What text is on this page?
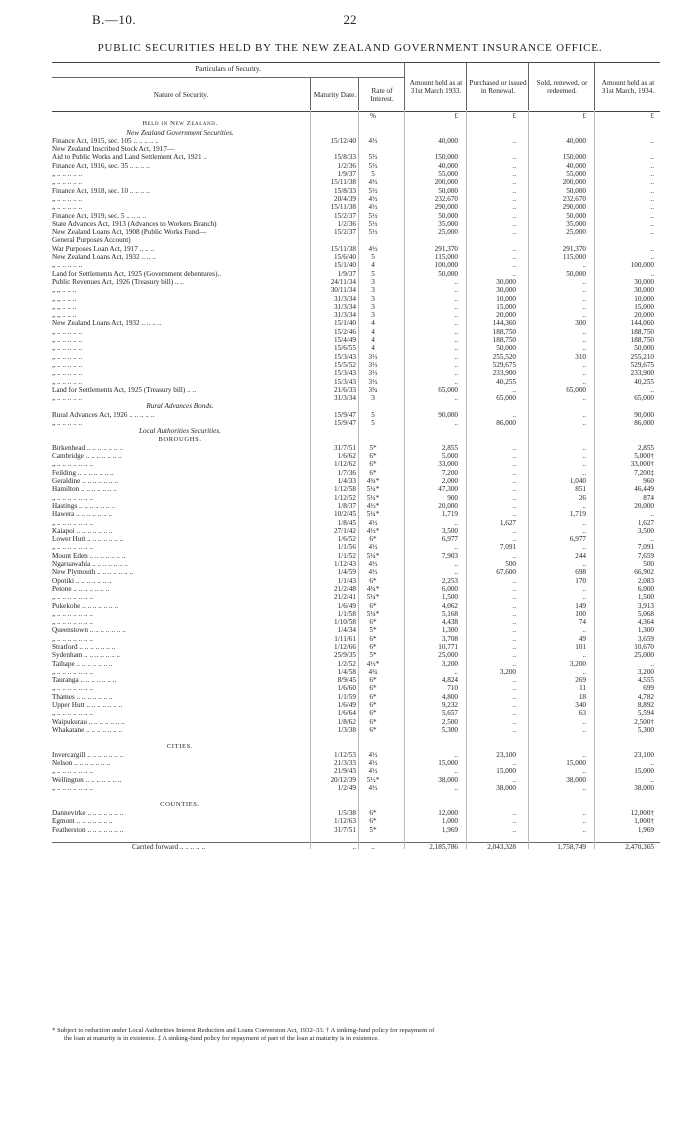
B.—10.	22
PUBLIC SECURITIES HELD BY THE NEW ZEALAND GOVERNMENT INSURANCE OFFICE.
Particulars of Security.
Nature of Security.	Maturity Date.	Rate of Interest.
Amount held as at 31st March 1933.
Purchased or issued in Renewal.
Sold, renewed, or redeemed.
Amount held as at 31st March, 1934.
%	£	£	£	£
Held in New Zealand.
New Zealand Government Securities.
Finance Act, 1915, sec. 105 .. .. .. .. ..	15/12/40	4½	40,000	..	40,000	..
New Zealand Inscribed Stock Act, 1917—
Aid to Public Works and Land Settlement Act, 1921 ..	15/8/33	5½	150,000	..	150,000	..
Finance Act, 1916, sec. 35 .. .. .. ..	1/2/36	5½	40,000	..	40,000	..
„ .. .. .. .. ..	1/9/37	5	55,000	..	55,000	..
„ .. .. .. .. ..	15/11/38	4½	200,000	..	200,000	..
Finance Act, 1918, sec. 10 .. .. .. ..	15/8/33	5½	50,000	..	50,000	..
„ .. .. .. .. ..	20/4/39	4½	232,670	..	232,670	..
„ .. .. .. .. ..	15/11/38	4½	290,000	..	290,000	..
Finance Act, 1919, sec. 5 .. .. .. ..	15/2/37	5½	50,000	..	50,000	..
State Advances Act, 1913 (Advances to Workers Branch)	1/2/36	5½	35,000	..	35,000	..
New Zealand Loans Act, 1908 (Public Works Fund—	15/2/37	5½	25,000	..	25,000	..
General Purposes Account)
War Purposes Loan Act, 1917 .. .. ..	15/11/38	4½	291,370	..	291,370	..
New Zealand Loans Act, 1932 .. .. ..	15/6/40	5	115,000	..	115,000	..
„ .. .. .. .. ..	15/1/40	4	100,000	..	..	100,000
Land for Settlements Act, 1925 (Government debentures)..	1/9/37	5	50,000	..	50,000	..
Public Revenues Act, 1926 (Treasury bill) .. ..	24/11/34	3	..	30,000	..	30,000
„ „ .. .. ..	30/11/34	3	..	30,000	..	30,000
„ „ .. .. ..	31/3/34	3	..	10,000	..	10,000
„ „ .. .. ..	31/3/34	3	..	15,000	..	15,000
„ „ .. .. ..	31/3/34	3	..	20,000	..	20,000
New Zealand Loans Act, 1932 .. .. .. ..	15/1/40	4	..	144,360	300	144,060
„ .. .. .. .. ..	15/2/46	4	..	188,750	..	188,750
„ .. .. .. .. ..	15/4/49	4	..	188,750	..	188,750
„ .. .. .. .. ..	15/6/55	4	..	50,000	..	50,000
„ .. .. .. .. ..	15/3/43	3½	..	255,520	310	255,210
„ .. .. .. .. ..	15/5/52	3½	..	529,675	..	529,675
„ .. .. .. .. ..	15/3/43	3½	..	233,900	..	233,900
„ .. .. .. .. ..	15/3/43	3½	..	40,255	..	40,255
Land for Settlements Act, 1925 (Treasury bill) .. ..	21/6/33	3¾	65,000	..	65,000	..
„ .. .. .. .. ..	31/3/34	3	..	65,000	..	65,000
Rural Advances Bonds.
Rural Advances Act, 1926 .. .. .. .. ..	15/9/47	5	90,000	..	..	90,000
„ .. .. .. .. ..	15/9/47	5	..	86,000	..	86,000
Local Authorities Securities.
BOROUGHS.
Birkenhead .. .. .. .. .. .. ..	31/7/51	5*	2,855	..	..	2,855
Cambridge .. .. .. .. .. .. ..	1/6/62	6*	5,000	..	..	5,000†
„ .. .. .. .. .. .. ..	1/12/62	6*	33,000	..	..	33,000†
Feilding .. .. .. .. .. .. ..	1/7/36	6*	7,200	..	..	7,200‡
Geraldine .. .. .. .. .. .. ..	1/4/33	4¾*	2,000	..	1,040	960
Hamilton .. .. .. .. .. .. ..	1/12/58	5¼*	47,300	..	851	46,449
„ .. .. .. .. .. .. ..	1/12/52	5¼*	900	..	26	874
Hastings .. .. .. .. .. .. ..	1/8/37	4½*	20,000	..	..	20,000
Hawera .. .. .. .. .. .. ..	10/2/45	5¼*	1,719	..	1,719	..
„ .. .. .. .. .. .. ..	1/8/45	4½	..	1,627	..	1,627
Kaiapoi .. .. .. .. .. .. ..	27/1/42	4½*	3,500	..	..	3,500
Lower Hutt .. .. .. .. .. .. ..	1/6/52	6*	6,977	..	6,977	..
„ .. .. .. .. .. .. ..	1/1/56	4½	..	7,091	..	7,091
Mount Eden .. .. .. .. .. .. ..	1/1/52	5¼*	7,903	..	244	7,659
Ngaruawahia .. .. .. .. .. .. ..	1/12/43	4½	..	500	..	500
New Plymouth .. .. .. .. .. .. ..	1/4/59	4½	..	67,600	698	66,902
Opotiki .. .. .. .. .. .. ..	1/1/43	6*	2,253	..	170	2,083
Petone .. .. .. .. .. .. ..	21/2/48	4¼*	6,000	..	..	6,000
„ .. .. .. .. .. .. ..	21/2/41	5¼*	1,500	..	..	1,500
Pukekohe .. .. .. .. .. .. ..	1/6/49	6*	4,062	..	149	3,913
„ .. .. .. .. .. .. ..	1/1/58	5¼*	5,168	..	100	5,068
„ .. .. .. .. .. .. ..	1/10/58	6*	4,438	..	74	4,364
Queenstown .. .. .. .. .. .. ..	1/4/34	5*	1,300	..	..	1,300
„ .. .. .. .. .. .. ..	1/11/61	6*	3,708	..	49	3,659
Stratford .. .. .. .. .. .. ..	1/12/66	6*	10,771	..	101	10,670
Sydenham .. .. .. .. .. .. ..	25/9/35	5*	25,000	..	..	25,000
Taihape .. .. .. .. .. .. ..	1/2/52	4½*	3,200	..	3,200	..
„ .. .. .. .. .. .. ..	1/4/58	4¾	..	3,200	..	3,200
Tauranga .. .. .. .. .. .. ..	8/9/45	6*	4,824	..	269	4,555
„ .. .. .. .. .. .. ..	1/6/60	6*	710	..	11	699
Thames .. .. .. .. .. .. ..	1/1/59	6*	4,800	..	18	4,782
Upper Hutt .. .. .. .. .. .. ..	1/6/49	6*	9,232	..	340	8,892
„ .. .. .. .. .. .. ..	1/6/64	6*	5,657	..	63	5,594
Waipukurau .. .. .. .. .. .. ..	1/8/62	6*	2,500	..	..	2,500†
Whakatane .. .. .. .. .. .. ..	1/3/38	6*	5,300	..	..	5,300
CITIES.
Invercargill .. .. .. .. .. .. ..	1/12/53	4½	..	23,100	..	23,100
Nelson .. .. .. .. .. .. ..	21/3/33	4½	15,000	..	15,000	..
„ .. .. .. .. .. .. ..	21/9/43	4½	..	15,000	..	15,000
Wellington .. .. .. .. .. .. ..	20/12/39	5½*	38,000	..	38,000	..
„ .. .. .. .. .. .. ..	1/2/49	4½	..	38,000	..	38,000
COUNTIES.
Dannevirke .. .. .. .. .. .. ..	1/5/38	6*	12,000	..	..	12,000†
Egmont .. .. .. .. .. .. ..	1/12/63	6*	1,000	..	..	1,000†
Featherston .. .. .. .. .. .. ..	31/7/51	5*	1,969	..	..	1,969
Carried forward .. .. .. .. ..	..	..	2,185,786	2,043,328	1,758,749	2,470,365
* Subject to reduction under Local Authorities Interest Reduction and Loans Conversion Act, 1932–33. † A sinking-fund policy for repayment of
the loan at maturity is in existence. ‡ A sinking-fund policy for repayment of part of the loan at maturity is in existence.
